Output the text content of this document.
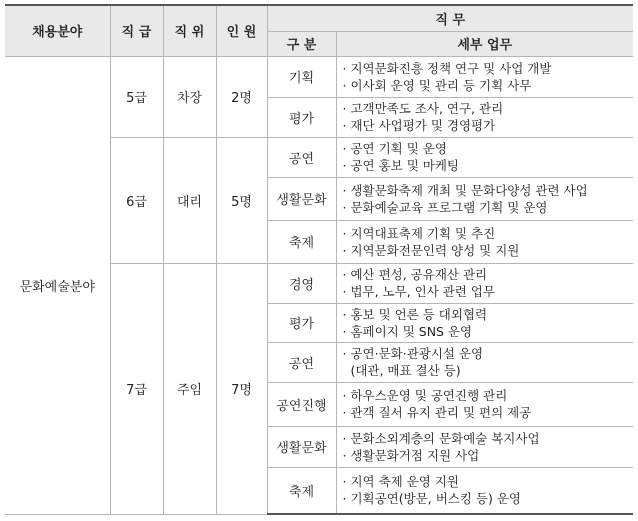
채용분야	직 급	직 위	인 원	직 무	
				구 분	세부 업무
문화예술분야	5급	차장	2명	기획	· 지역문화진흥 정책 연구 및 사업 개발
· 이사회 운영 및 관리 등 기획 사무

				평가	· 고객만족도 조사, 연구, 관리
· 재단 사업평가 및 경영평가

	6급	대리	5명	공연	· 공연 기획 및 운영
· 공연 홍보 및 마케팅

				생활문화	· 생활문화축제 개최 및 문화다양성 관련 사업
· 문화예술교육 프로그램 기획 및 운영

				축제	· 지역대표축제 기획 및 추진
· 지역문화전문인력 양성 및 지원

	7급	주임	7명	경영	· 예산 편성, 공유재산 관리
· 법무, 노무, 인사 관련 업무

				평가	· 홍보 및 언론 등 대외협력
· 홈페이지 및 SNS 운영

				공연	· 공연·문화·관광시설 운영
(대관, 매표 결산 등)

				공연진행	· 하우스운영 및 공연진행 관리
· 관객 질서 유지 관리 및 편의 제공

				생활문화	· 문화소외계층의 문화예술 복지사업
· 생활문화거점 지원 사업

				축제	· 지역 축제 운영 지원
· 기획공연(방문, 버스킹 등) 운영
